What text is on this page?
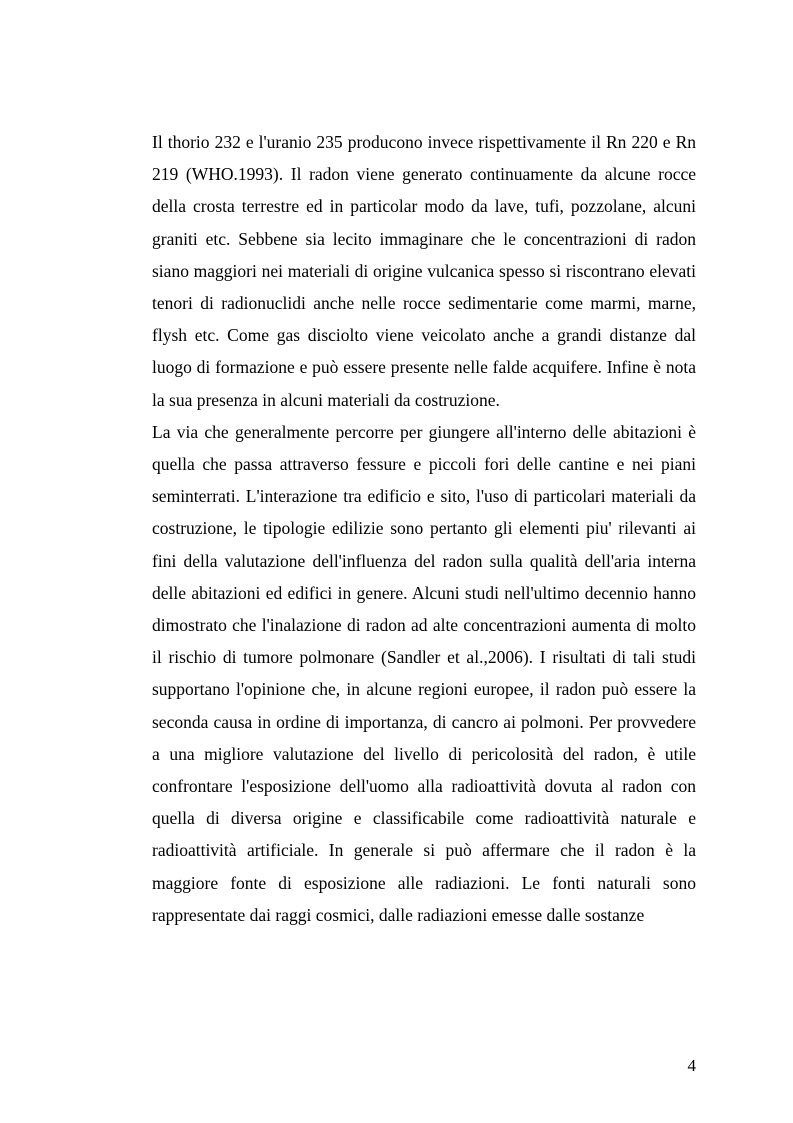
Il thorio 232 e l'uranio 235 producono invece rispettivamente il Rn 220 e Rn 219 (WHO.1993). Il radon viene generato continuamente da alcune rocce della crosta terrestre ed in particolar modo da lave, tufi, pozzolane, alcuni graniti etc. Sebbene sia lecito immaginare che le concentrazioni di radon siano maggiori nei materiali di origine vulcanica spesso si riscontrano elevati tenori di radionuclidi anche nelle rocce sedimentarie come marmi, marne, flysh etc. Come gas disciolto viene veicolato anche a grandi distanze dal luogo di formazione e può essere presente nelle falde acquifere. Infine è nota la sua presenza in alcuni materiali da costruzione.

La via che generalmente percorre per giungere all'interno delle abitazioni è quella che passa attraverso fessure e piccoli fori delle cantine e nei piani seminterrati. L'interazione tra edificio e sito, l'uso di particolari materiali da costruzione, le tipologie edilizie sono pertanto gli elementi piu' rilevanti ai fini della valutazione dell'influenza del radon sulla qualità dell'aria interna delle abitazioni ed edifici in genere. Alcuni studi nell'ultimo decennio hanno dimostrato che l'inalazione di radon ad alte concentrazioni aumenta di molto il rischio di tumore polmonare (Sandler et al.,2006). I risultati di tali studi supportano l'opinione che, in alcune regioni europee, il radon può essere la seconda causa in ordine di importanza, di cancro ai polmoni. Per provvedere a una migliore valutazione del livello di pericolosità del radon, è utile confrontare l'esposizione dell'uomo alla radioattività dovuta al radon con quella di diversa origine e classificabile come radioattività naturale e radioattività artificiale. In generale si può affermare che il radon è la maggiore fonte di esposizione alle radiazioni. Le fonti naturali sono rappresentate dai raggi cosmici, dalle radiazioni emesse dalle sostanze

4
